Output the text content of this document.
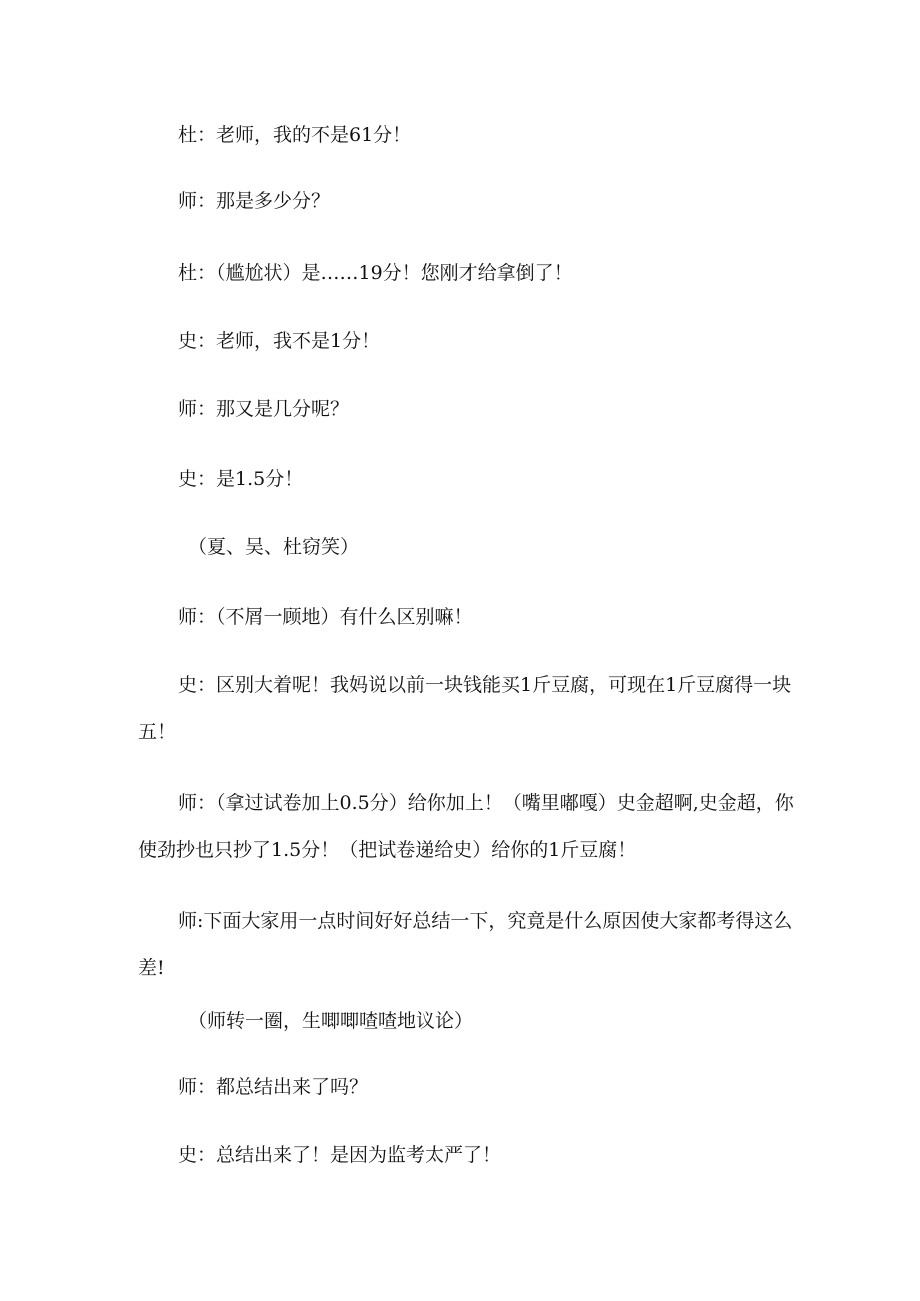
杜：老师，我的不是61分！

师：那是多少分？

杜：（尴尬状）是……19分！您刚才给拿倒了！

史：老师，我不是1分！

师：那又是几分呢？

史：是1.5分！

（夏、吴、杜窃笑）

师：（不屑一顾地）有什么区别嘛！

史：区别大着呢！我妈说以前一块钱能买1斤豆腐，可现在1斤豆腐得一块五！

师：（拿过试卷加上0.5分）给你加上！（嘴里嘟嘎）史金超啊,史金超，你使劲抄也只抄了1.5分！（把试卷递给史）给你的1斤豆腐！

师:下面大家用一点时间好好总结一下，究竟是什么原因使大家都考得这么差!

（师转一圈，生唧唧喳喳地议论）

师：都总结出来了吗？

史：总结出来了！是因为监考太严了！
